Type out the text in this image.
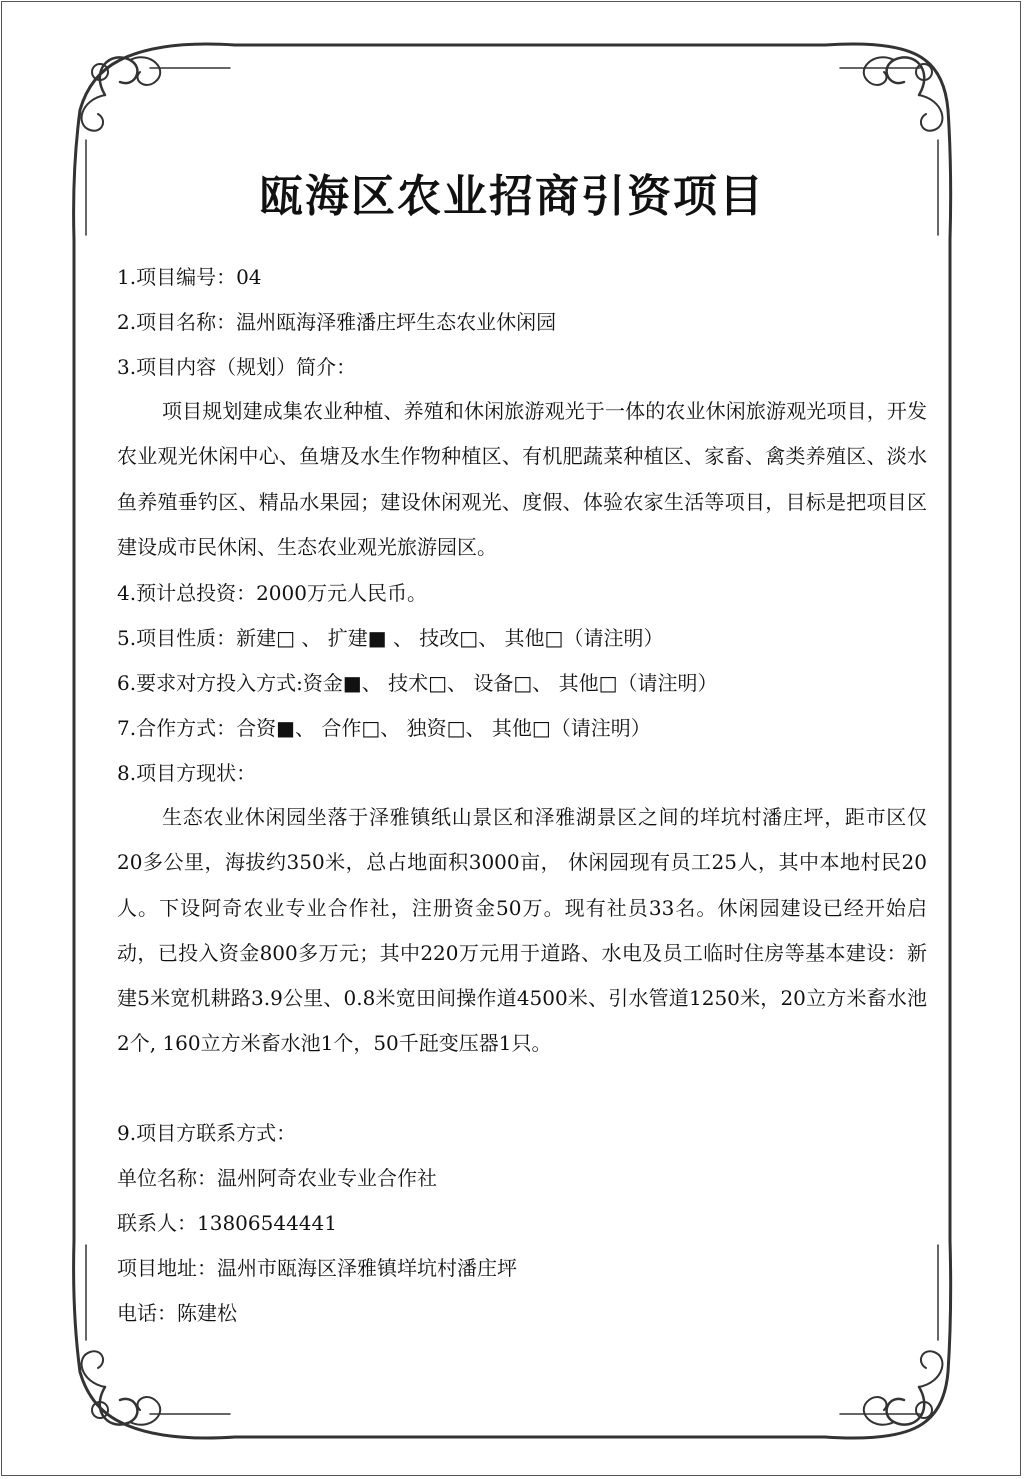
瓯海区农业招商引资项目
1.项目编号：04
2.项目名称：温州瓯海泽雅潘庄坪生态农业休闲园
3.项目内容（规划）简介：

项目规划建成集农业种植、养殖和休闲旅游观光于一体的农业休闲旅游观光项目，开发农业观光休闲中心、鱼塘及水生作物种植区、有机肥蔬菜种植区、家畜、禽类养殖区、淡水鱼养殖垂钓区、精品水果园；建设休闲观光、度假、体验农家生活等项目，目标是把项目区建设成市民休闲、生态农业观光旅游园区。

4.预计总投资：2000万元人民币。
5.项目性质：新建□ 、 扩建■ 、 技改□、 其他□（请注明）
6.要求对方投入方式:资金■、 技术□、 设备□、 其他□（请注明）
7.合作方式：合资■、 合作□、 独资□、 其他□（请注明）
8.项目方现状：

生态农业休闲园坐落于泽雅镇纸山景区和泽雅湖景区之间的垟坑村潘庄坪，距市区仅20多公里，海拔约350米，总占地面积3000亩， 休闲园现有员工25人，其中本地村民20人。下设阿奇农业专业合作社，注册资金50万。现有社员33名。休闲园建设已经开始启动，已投入资金800多万元；其中220万元用于道路、水电及员工临时住房等基本建设：新建5米宽机耕路3.9公里、0.8米宽田间操作道4500米、引水管道1250米，20立方米畜水池2个, 160立方米畜水池1个，50千瓩变压器1只。

9.项目方联系方式：
单位名称：温州阿奇农业专业合作社
联系人：13806544441
项目地址：温州市瓯海区泽雅镇垟坑村潘庄坪
电话：陈建松
